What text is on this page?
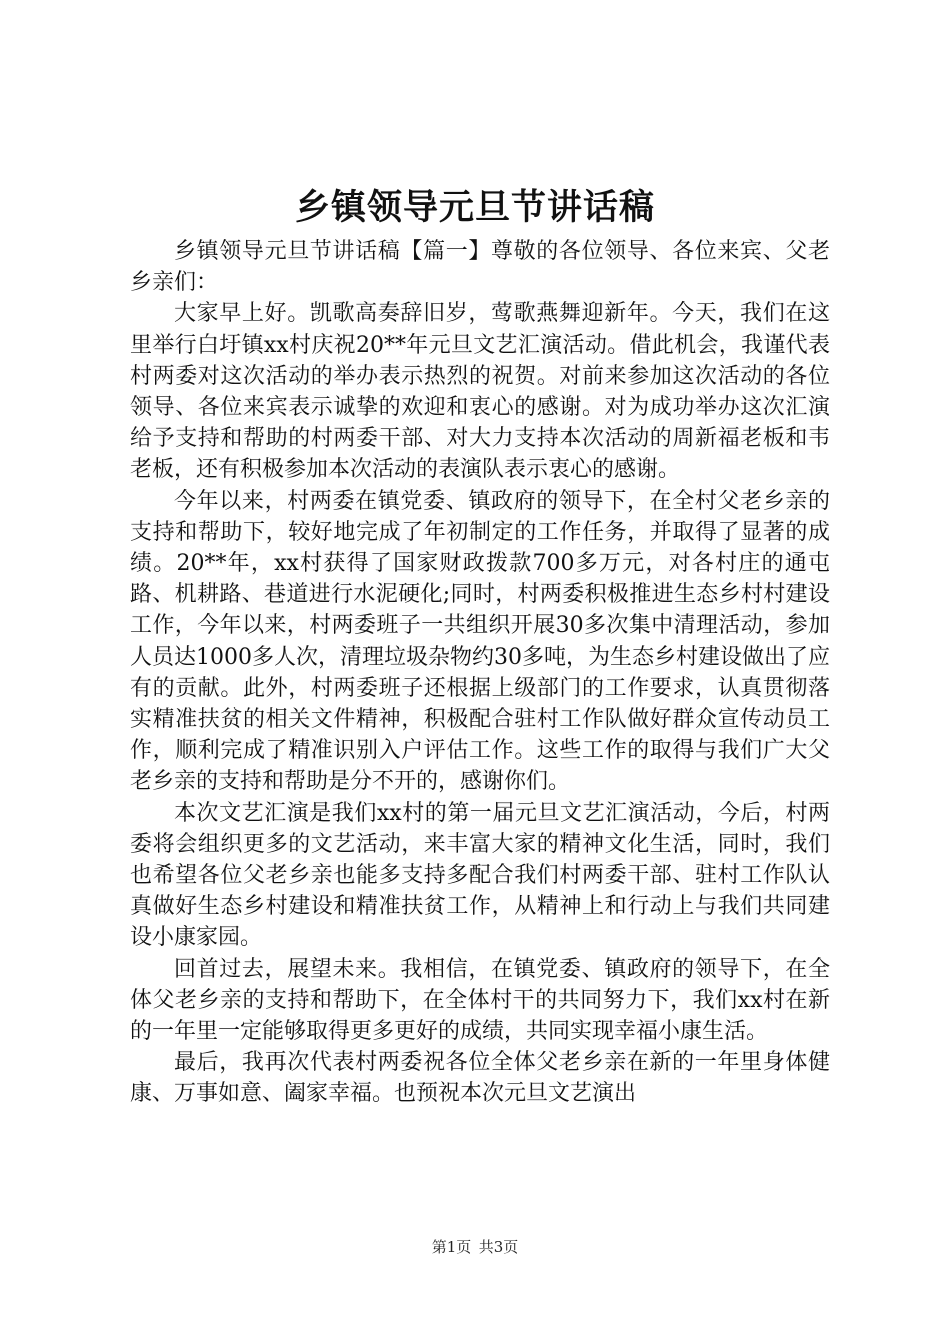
乡镇领导元旦节讲话稿

乡镇领导元旦节讲话稿【篇一】尊敬的各位领导、各位来宾、父老乡亲们：

大家早上好。凯歌高奏辞旧岁，莺歌燕舞迎新年。今天，我们在这里举行白圩镇xx村庆祝20**年元旦文艺汇演活动。借此机会，我谨代表村两委对这次活动的举办表示热烈的祝贺。对前来参加这次活动的各位领导、各位来宾表示诚挚的欢迎和衷心的感谢。对为成功举办这次汇演给予支持和帮助的村两委干部、对大力支持本次活动的周新福老板和韦老板，还有积极参加本次活动的表演队表示衷心的感谢。

今年以来，村两委在镇党委、镇政府的领导下，在全村父老乡亲的支持和帮助下，较好地完成了年初制定的工作任务，并取得了显著的成绩。20**年，xx村获得了国家财政拨款700多万元，对各村庄的通屯路、机耕路、巷道进行水泥硬化;同时，村两委积极推进生态乡村村建设工作，今年以来，村两委班子一共组织开展30多次集中清理活动，参加人员达1000多人次，清理垃圾杂物约30多吨，为生态乡村建设做出了应有的贡献。此外，村两委班子还根据上级部门的工作要求，认真贯彻落实精准扶贫的相关文件精神，积极配合驻村工作队做好群众宣传动员工作，顺利完成了精准识别入户评估工作。这些工作的取得与我们广大父老乡亲的支持和帮助是分不开的，感谢你们。

本次文艺汇演是我们xx村的第一届元旦文艺汇演活动，今后，村两委将会组织更多的文艺活动，来丰富大家的精神文化生活，同时，我们也希望各位父老乡亲也能多支持多配合我们村两委干部、驻村工作队认真做好生态乡村建设和精准扶贫工作，从精神上和行动上与我们共同建设小康家园。

回首过去，展望未来。我相信，在镇党委、镇政府的领导下，在全体父老乡亲的支持和帮助下，在全体村干的共同努力下，我们xx村在新的一年里一定能够取得更多更好的成绩，共同实现幸福小康生活。

最后，我再次代表村两委祝各位全体父老乡亲在新的一年里身体健康、万事如意、阖家幸福。也预祝本次元旦文艺演出

第1页  共3页
